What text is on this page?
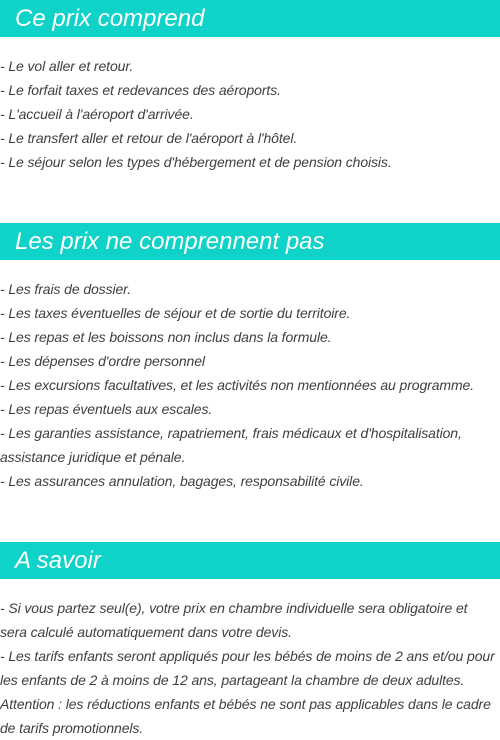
Ce prix comprend
- Le vol aller et retour.
- Le forfait taxes et redevances des aéroports.
- L'accueil à l'aéroport d'arrivée.
- Le transfert aller et retour de l'aéroport à l'hôtel.
- Le séjour selon les types d'hébergement et de pension choisis.
Les prix ne comprennent pas
- Les frais de dossier.
- Les taxes éventuelles de séjour et de sortie du territoire.
- Les repas et les boissons non inclus dans la formule.
- Les dépenses d'ordre personnel
- Les excursions facultatives, et les activités non mentionnées au programme.
- Les repas éventuels aux escales.
- Les garanties assistance, rapatriement, frais médicaux et d'hospitalisation,
assistance juridique et pénale.
- Les assurances annulation, bagages, responsabilité civile.
A savoir
- Si vous partez seul(e), votre prix en chambre individuelle sera obligatoire et
sera calculé automatiquement dans votre devis.
- Les tarifs enfants seront appliqués pour les bébés de moins de 2 ans et/ou pour
les enfants de 2 à moins de 12 ans, partageant la chambre de deux adultes.
Attention : les réductions enfants et bébés ne sont pas applicables dans le cadre
de tarifs promotionnels.
